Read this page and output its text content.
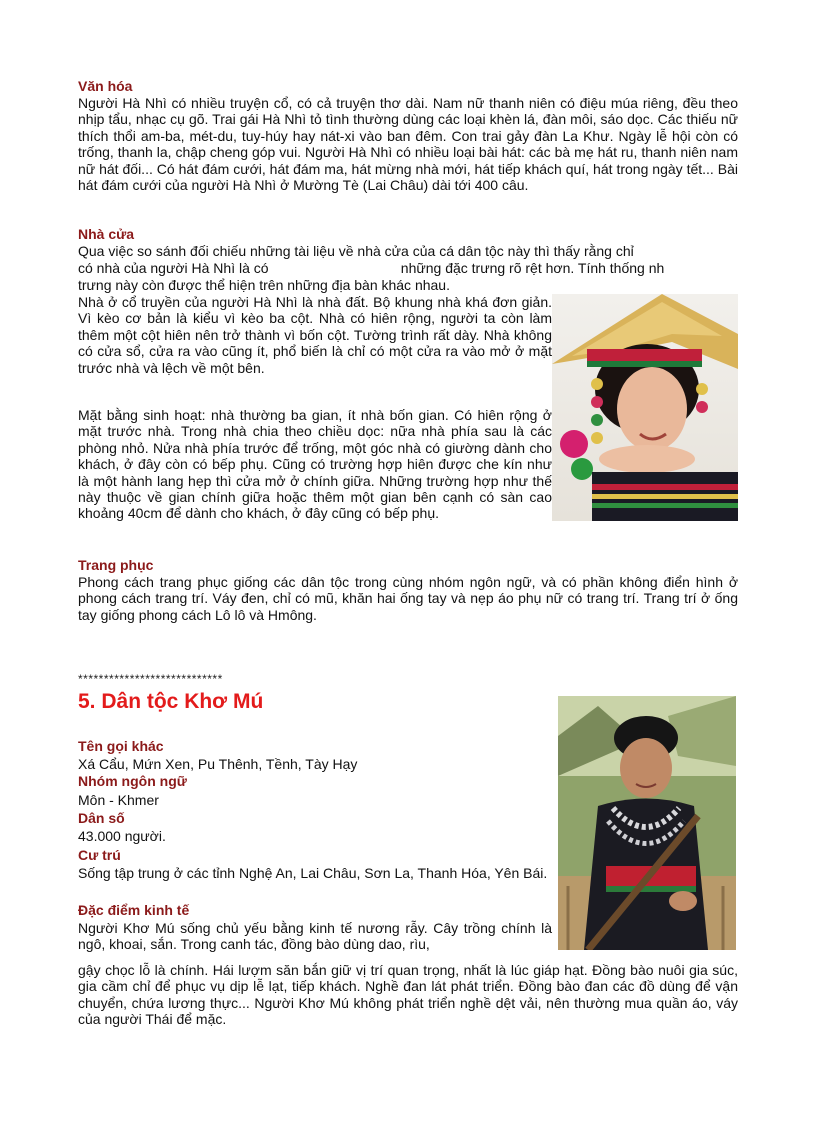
Văn hóa

Người Hà Nhì có nhiều truyện cổ, có cả truyện thơ dài. Nam nữ thanh niên có điệu múa riêng, đều theo nhịp tẩu, nhạc cụ gõ. Trai gái Hà Nhì tỏ tình thường dùng các loại khèn lá, đàn môi, sáo dọc. Các thiếu nữ thích thổi am-ba, mét-du, tuy-húy hay nát-xi vào ban đêm. Con trai gảy đàn La Khư. Ngày lễ hội còn có trống, thanh la, chập cheng góp vui. Người Hà Nhì có nhiều loại bài hát: các bà mẹ hát ru, thanh niên nam nữ hát đối... Có hát đám cưới, hát đám ma, hát mừng nhà mới, hát tiếp khách quí, hát trong ngày tết... Bài hát đám cưới của người Hà Nhì ở Mường Tè (Lai Châu) dài tới 400 câu.

Nhà cửa

Qua việc so sánh đối chiếu những tài liệu về nhà cửa của cá dân tộc này thì thấy rằng chỉ

có nhà của người Hà Nhì là có                                  những đặc trưng rõ rệt hơn. Tính thống nh

trưng này còn được thể hiện trên những địa bàn khác nhau.

Nhà ở cổ truyền của người Hà Nhì là nhà đất. Bộ khung nhà khá đơn giản. Vì kèo cơ bản là kiểu vì kèo ba cột. Nhà có hiên rộng, người ta còn làm thêm một cột hiên nên trở thành vì bốn cột. Tường trình rất dày. Nhà không có cửa sổ, cửa ra vào cũng ít, phổ biến là chỉ có một cửa ra vào mở ở mặt trước nhà và lệch về một bên.

Mặt bằng sinh hoạt: nhà thường ba gian, ít nhà bốn gian. Có hiên rộng ở mặt trước nhà. Trong nhà chia theo chiều dọc: nữa nhà phía sau là các phòng nhỏ. Nửa nhà phía trước để trống, một góc nhà có giường dành cho khách, ở đây còn có bếp phụ. Cũng có trường hợp hiên được che kín như là một hành lang hẹp thì cửa mở ở chính giữa. Những trường hợp như thế này thuộc về gian chính giữa hoặc thêm một gian bên cạnh có sàn cao khoảng 40cm để dành cho khách, ở đây cũng có bếp phụ.

Trang phục

Phong cách trang phục giống các dân tộc trong cùng nhóm ngôn ngữ, và có phần không điển hình ở phong cách trang trí. Váy đen, chỉ có mũ, khăn hai ống tay và nẹp áo phụ nữ có trang trí. Trang trí ở ống tay giống phong cách Lô lô và Hmông.

****************************
5. Dân tộc Khơ Mú
Tên gọi khác

Xá Cẩu, Mứn Xen, Pu Thênh, Tềnh, Tày Hạy

Nhóm ngôn ngữ

Môn - Khmer

Dân số

43.000 người.

Cư trú

Sống tập trung ở các tỉnh Nghệ An, Lai Châu, Sơn La, Thanh Hóa, Yên Bái.

Đặc điểm kinh tế

Người Khơ Mú sống chủ yếu bằng kinh tế nương rẫy. Cây trồng chính là ngô, khoai, sắn. Trong canh tác, đồng bào dùng dao, rìu,

gậy chọc lỗ là chính. Hái lượm săn bắn giữ vị trí quan trọng, nhất là lúc giáp hạt. Đồng bào nuôi gia súc, gia cầm chỉ để phục vụ dịp lễ lạt, tiếp khách. Nghề đan lát phát triển. Đồng bào đan các đồ dùng để vận chuyển, chứa lương thực... Người Khơ Mú không phát triển nghề dệt vải, nên thường mua quần áo, váy của người Thái để mặc.
